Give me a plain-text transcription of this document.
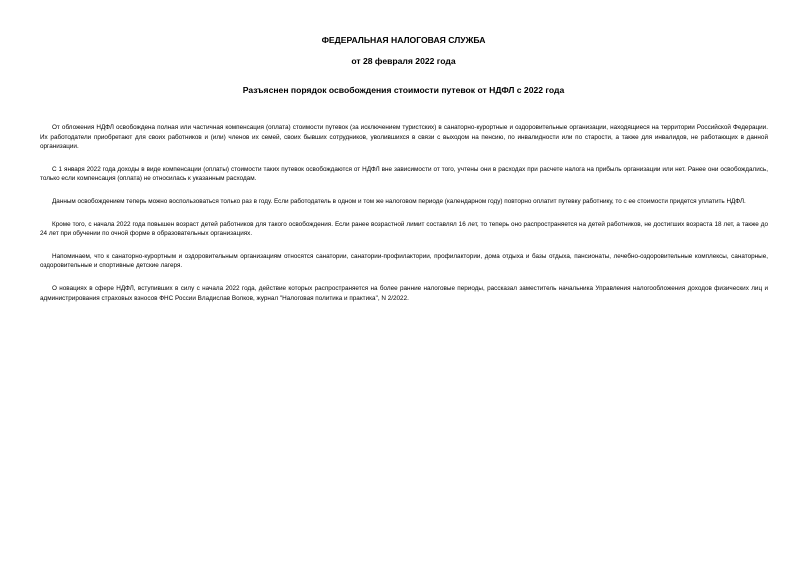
ФЕДЕРАЛЬНАЯ НАЛОГОВАЯ СЛУЖБА
от 28 февраля 2022 года
Разъяснен порядок освобождения стоимости путевок от НДФЛ с 2022 года

От обложения НДФЛ освобождена полная или частичная компенсация (оплата) стоимости путевок (за исключением туристских) в санаторно-курортные и оздоровительные организации, находящиеся на территории Российской Федерации. Их работодатели приобретают для своих работников и (или) членов их семей, своих бывших сотрудников, уволившихся в связи с выходом на пенсию, по инвалидности или по старости, а также для инвалидов, не работающих в данной организации.

С 1 января 2022 года доходы в виде компенсации (оплаты) стоимости таких путевок освобождаются от НДФЛ вне зависимости от того, учтены они в расходах при расчете налога на прибыль организации или нет. Ранее они освобождались, только если компенсация (оплата) не относилась к указанным расходам.

Данным освобождением теперь можно воспользоваться только раз в году. Если работодатель в одном и том же налоговом периоде (календарном году) повторно оплатит путевку работнику, то с ее стоимости придется уплатить НДФЛ.

Кроме того, с начала 2022 года повышен возраст детей работников для такого освобождения. Если ранее возрастной лимит составлял 16 лет, то теперь оно распространяется на детей работников, не достигших возраста 18 лет, а также до 24 лет при обучении по очной форме в образовательных организациях.

Напоминаем, что к санаторно-курортным и оздоровительным организациям относятся санатории, санатории-профилактории, профилактории, дома отдыха и базы отдыха, пансионаты, лечебно-оздоровительные комплексы, санаторные, оздоровительные и спортивные детские лагеря.

О новациях в сфере НДФЛ, вступивших в силу с начала 2022 года, действие которых распространяется на более ранние налоговые периоды, рассказал заместитель начальника Управления налогообложения доходов физических лиц и администрирования страховых взносов ФНС России Владислав Волков, журнал "Налоговая политика и практика", N 2/2022.
